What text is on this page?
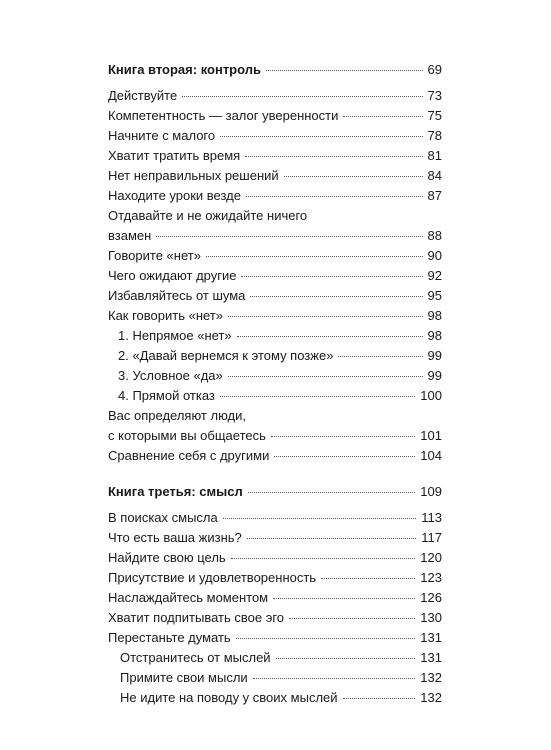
Книга вторая: контроль	69
Действуйте	73
Компетентность — залог уверенности	75
Начните с малого	78
Хватит тратить время	81
Нет неправильных решений	84
Находите уроки везде	87
Отдавайте и не ожидайте ничего
взамен	88
Говорите «нет»	90
Чего ожидают другие	92
Избавляйтесь от шума	95
Как говорить «нет»	98
1. Непрямое «нет»	98
2. «Давай вернемся к этому позже»	99
3. Условное «да»	99
4. Прямой отказ	100
Вас определяют люди,
с которыми вы общаетесь	101
Сравнение себя с другими	104
Книга третья: смысл	109
В поисках смысла	113
Что есть ваша жизнь?	117
Найдите свою цель	120
Присутствие и удовлетворенность	123
Наслаждайтесь моментом	126
Хватит подпитывать свое эго	130
Перестаньте думать	131
Отстранитесь от мыслей	131
Примите свои мысли	132
Не идите на поводу у своих мыслей	132
